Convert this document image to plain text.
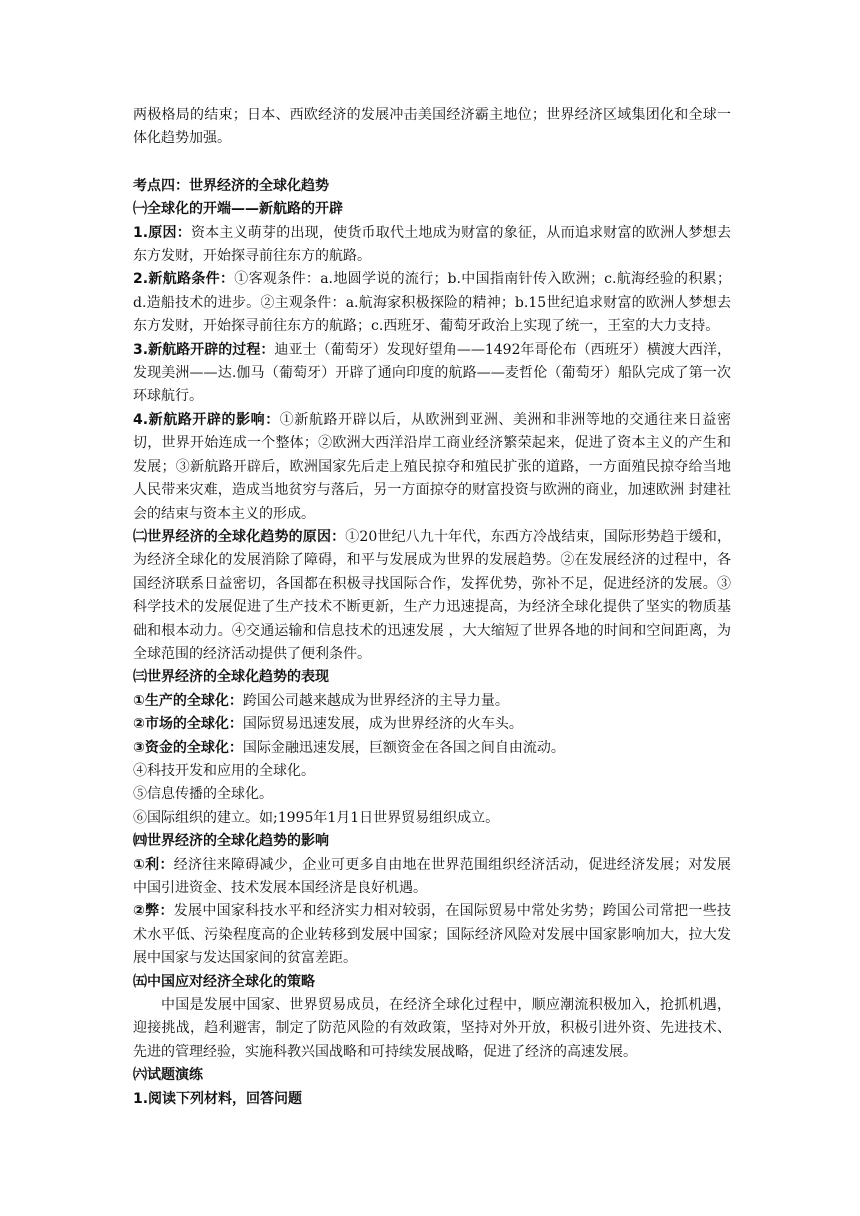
两极格局的结束；日本、西欧经济的发展冲击美国经济霸主地位；世界经济区域集团化和全球一体化趋势加强。

考点四：世界经济的全球化趋势

㈠全球化的开端——新航路的开辟

1.原因：资本主义萌芽的出现，使货币取代土地成为财富的象征，从而追求财富的欧洲人梦想去东方发财，开始探寻前往东方的航路。

2.新航路条件：①客观条件：a.地圆学说的流行；b.中国指南针传入欧洲；c.航海经验的积累；d.造船技术的进步。②主观条件：a.航海家积极探险的精神；b.15世纪追求财富的欧洲人梦想去东方发财，开始探寻前往东方的航路；c.西班牙、葡萄牙政治上实现了统一，王室的大力支持。

3.新航路开辟的过程：迪亚士（葡萄牙）发现好望角——1492年哥伦布（西班牙）横渡大西洋，发现美洲——达.伽马（葡萄牙）开辟了通向印度的航路——麦哲伦（葡萄牙）船队完成了第一次环球航行。

4.新航路开辟的影响：①新航路开辟以后，从欧洲到亚洲、美洲和非洲等地的交通往来日益密切，世界开始连成一个整体；②欧洲大西洋沿岸工商业经济繁荣起来，促进了资本主义的产生和发展；③新航路开辟后，欧洲国家先后走上殖民掠夺和殖民扩张的道路，一方面殖民掠夺给当地人民带来灾难，造成当地贫穷与落后，另一方面掠夺的财富投资与欧洲的商业，加速欧洲 封建社会的结束与资本主义的形成。

㈡世界经济的全球化趋势的原因：①20世纪八九十年代，东西方冷战结束，国际形势趋于缓和，为经济全球化的发展消除了障碍，和平与发展成为世界的发展趋势。②在发展经济的过程中，各国经济联系日益密切，各国都在积极寻找国际合作，发挥优势，弥补不足，促进经济的发展。③科学技术的发展促进了生产技术不断更新，生产力迅速提高，为经济全球化提供了坚实的物质基础和根本动力。④交通运输和信息技术的迅速发展 ，大大缩短了世界各地的时间和空间距离，为全球范围的经济活动提供了便利条件。

㈢世界经济的全球化趋势的表现

①生产的全球化：跨国公司越来越成为世界经济的主导力量。

②市场的全球化：国际贸易迅速发展，成为世界经济的火车头。

③资金的全球化：国际金融迅速发展，巨额资金在各国之间自由流动。

④科技开发和应用的全球化。

⑤信息传播的全球化。

⑥国际组织的建立。如;1995年1月1日世界贸易组织成立。

㈣世界经济的全球化趋势的影响

①利：经济往来障碍减少，企业可更多自由地在世界范围组织经济活动，促进经济发展；对发展中国引进资金、技术发展本国经济是良好机遇。

②弊：发展中国家科技水平和经济实力相对较弱，在国际贸易中常处劣势；跨国公司常把一些技术水平低、污染程度高的企业转移到发展中国家；国际经济风险对发展中国家影响加大，拉大发展中国家与发达国家间的贫富差距。

㈤中国应对经济全球化的策略

中国是发展中国家、世界贸易成员，在经济全球化过程中，顺应潮流积极加入，抢抓机遇，迎接挑战，趋利避害，制定了防范风险的有效政策，坚持对外开放，积极引进外资、先进技术、先进的管理经验，实施科教兴国战略和可持续发展战略，促进了经济的高速发展。

㈥试题演练

1.阅读下列材料，回答问题
